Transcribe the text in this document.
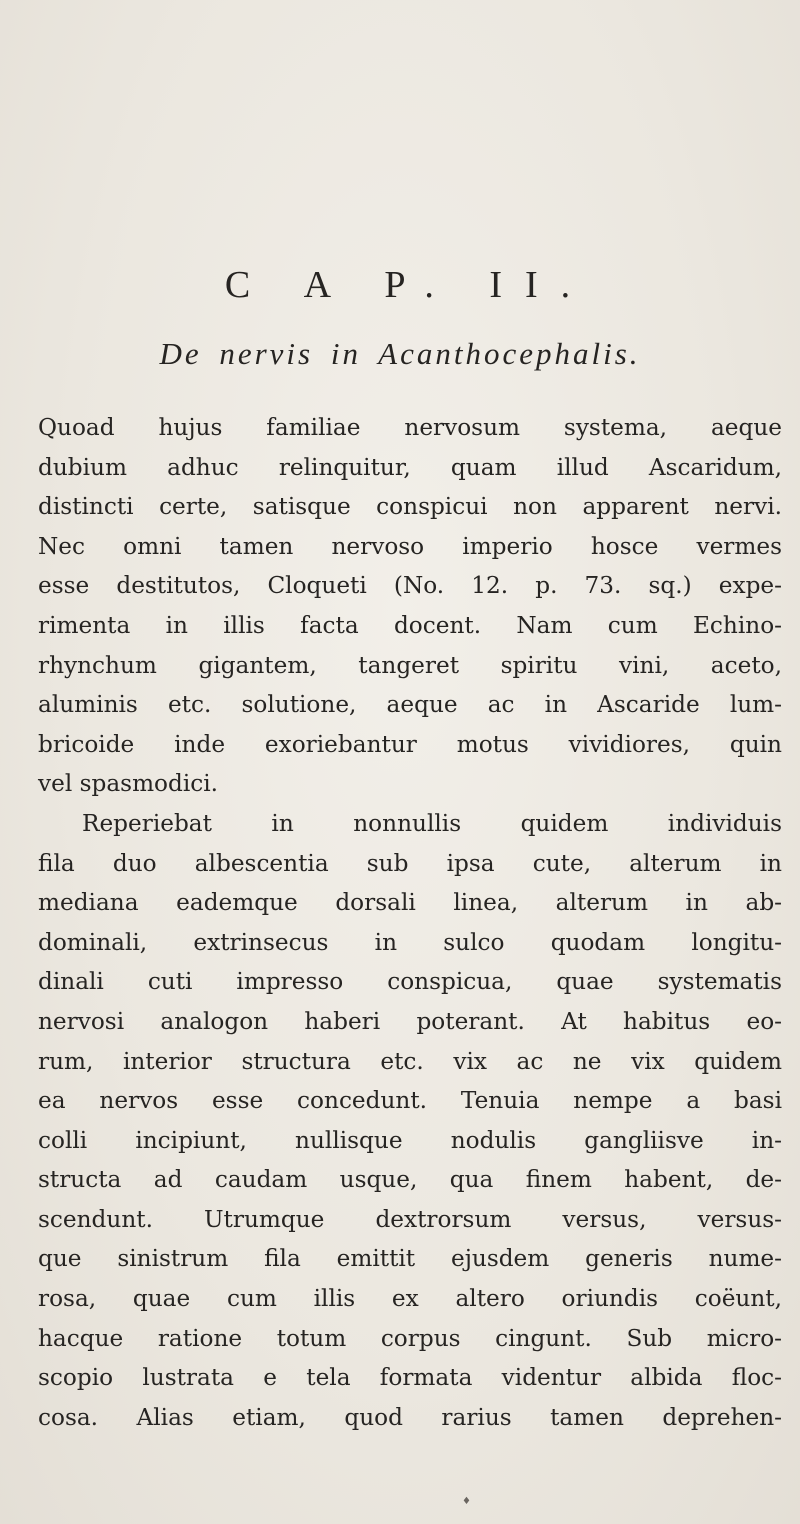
C A P. II.
De nervis in Acanthocephalis.
Quoad hujus familiae nervosum systema, aeque
dubium adhuc relinquitur, quam illud Ascaridum,
distincti certe, satisque conspicui non apparent nervi.
Nec omni tamen nervoso imperio hosce vermes
esse destitutos, Cloqueti (No. 12. p. 73. sq.) expe-
rimenta in illis facta docent. Nam cum Echino-
rhynchum gigantem, tangeret spiritu vini, aceto,
aluminis etc. solutione, aeque ac in Ascaride lum-
bricoide inde exoriebantur motus vividiores, quin
vel spasmodici.
Reperiebat in nonnullis quidem individuis
fila duo albescentia sub ipsa cute, alterum in
mediana eademque dorsali linea, alterum in ab-
dominali, extrinsecus in sulco quodam longitu-
dinali cuti impresso conspicua, quae systematis
nervosi analogon haberi poterant. At habitus eo-
rum, interior structura etc. vix ac ne vix quidem
ea nervos esse concedunt. Tenuia nempe a basi
colli incipiunt, nullisque nodulis gangliisve in-
structa ad caudam usque, qua finem habent, de-
scendunt. Utrumque dextrorsum versus, versus-
que sinistrum fila emittit ejusdem generis nume-
rosa, quae cum illis ex altero oriundis coëunt,
hacque ratione totum corpus cingunt. Sub micro-
scopio lustrata e tela formata videntur albida floc-
cosa. Alias etiam, quod rarius tamen deprehen-
♦
